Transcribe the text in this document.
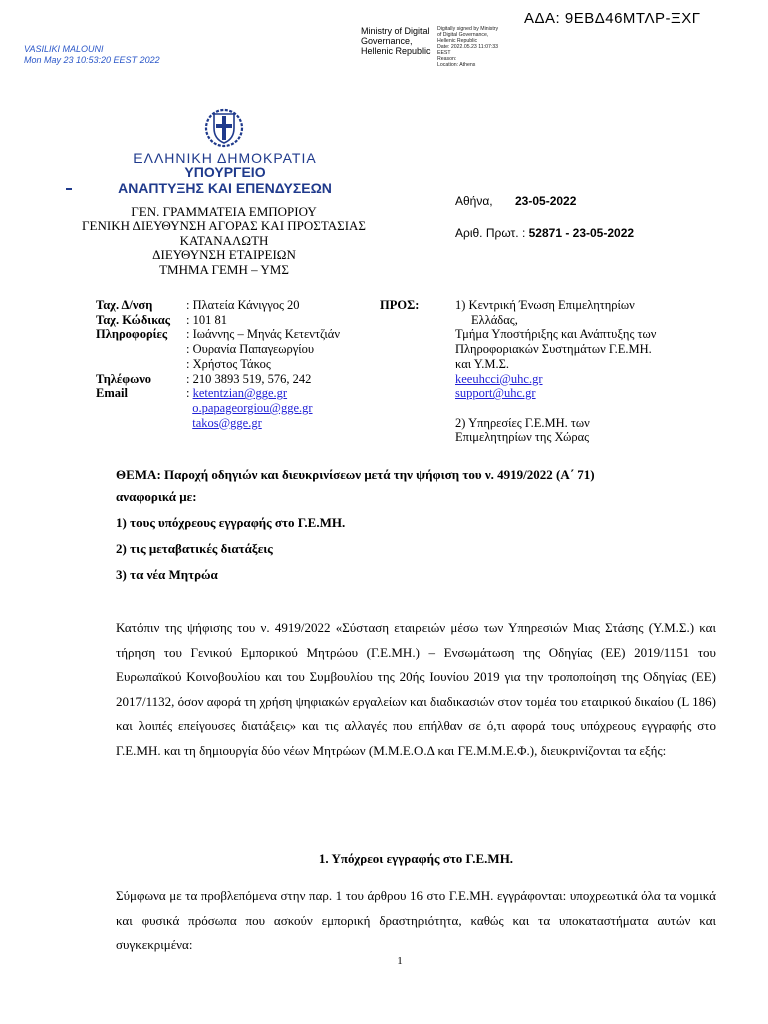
VASILIKI MALOUNI
Mon May 23 10:53:20 EEST 2022
Ministry of Digital
Governance,
Hellenic Republic
Digitally signed by Ministry
of Digital Governance,
Hellenic Republic
Date: 2022.05.23 11:07:33
EEST
Reason:
Location: Athens
ΑΔΑ: 9ΕΒΔ46ΜΤΛΡ-ΞΧΓ
ΕΛΛΗΝΙΚΗ ΔΗΜΟΚΡΑΤΙΑ
ΥΠΟΥΡΓΕΙΟ
ΑΝΑΠΤΥΞΗΣ ΚΑΙ ΕΠΕΝΔΥΣΕΩΝ
ΓΕΝ. ΓΡΑΜΜΑΤΕΙΑ ΕΜΠΟΡΙΟΥ
ΓΕΝΙΚΗ ΔΙΕΥΘΥΝΣΗ ΑΓΟΡΑΣ ΚΑΙ ΠΡΟΣΤΑΣΙΑΣ
ΚΑΤΑΝΑΛΩΤΗ
ΔΙΕΥΘΥΝΣΗ ΕΤΑΙΡΕΙΩΝ
ΤΜΗΜΑ ΓΕΜΗ – ΥΜΣ
Αθήνα, 23-05-2022
Αριθ. Πρωτ. : 52871 - 23-05-2022
Ταχ. Δ/νση	: Πλατεία Κάνιγγος 20
Ταχ. Κώδικας	: 101 81
Πληροφορίες	: Ιωάννης – Μηνάς Κετεντζιάν
: Ουρανία Παπαγεωργίου
: Χρήστος Τάκος
Τηλέφωνο	: 210 3893 519, 576, 242
Email	: ketentzian@gge.gr
o.papageorgiou@gge.gr
takos@gge.gr
ΠΡΟΣ:	1) Κεντρική Ένωση Επιμελητηρίων
Ελλάδας,
Τμήμα Υποστήριξης και Ανάπτυξης των
Πληροφοριακών Συστημάτων Γ.Ε.ΜΗ.
και Υ.Μ.Σ.
keeuhcci@uhc.gr
support@uhc.gr
2) Υπηρεσίες Γ.Ε.ΜΗ. των
Επιμελητηρίων της Χώρας
ΘΕΜΑ: Παροχή οδηγιών και διευκρινίσεων μετά την ψήφιση του ν. 4919/2022 (Α΄ 71)
αναφορικά με:
1) τους υπόχρεους εγγραφής στο Γ.Ε.ΜΗ.
2) τις μεταβατικές διατάξεις
3) τα νέα Μητρώα
Κατόπιν της ψήφισης του ν. 4919/2022 «Σύσταση εταιρειών μέσω των Υπηρεσιών Μιας Στάσης (Υ.Μ.Σ.) και τήρηση του Γενικού Εμπορικού Μητρώου (Γ.Ε.ΜΗ.) – Ενσωμάτωση της Οδηγίας (ΕΕ) 2019/1151 του Ευρωπαϊκού Κοινοβουλίου και του Συμβουλίου της 20ής Ιουνίου 2019 για την τροποποίηση της Οδηγίας (ΕΕ) 2017/1132, όσον αφορά τη χρήση ψηφιακών εργαλείων και διαδικασιών στον τομέα του εταιρικού δικαίου (L 186) και λοιπές επείγουσες διατάξεις» και τις αλλαγές που επήλθαν σε ό,τι αφορά τους υπόχρεους εγγραφής στο Γ.Ε.ΜΗ. και τη δημιουργία δύο νέων Μητρώων (Μ.Μ.Ε.Ο.Δ και ΓΕ.Μ.Μ.Ε.Φ.), διευκρινίζονται τα εξής:
1. Υπόχρεοι εγγραφής στο Γ.Ε.ΜΗ.
Σύμφωνα με τα προβλεπόμενα στην παρ. 1 του άρθρου 16 στο Γ.Ε.ΜΗ. εγγράφονται: υποχρεωτικά όλα τα νομικά και φυσικά πρόσωπα που ασκούν εμπορική δραστηριότητα, καθώς και τα υποκαταστήματα αυτών και συγκεκριμένα:
1
